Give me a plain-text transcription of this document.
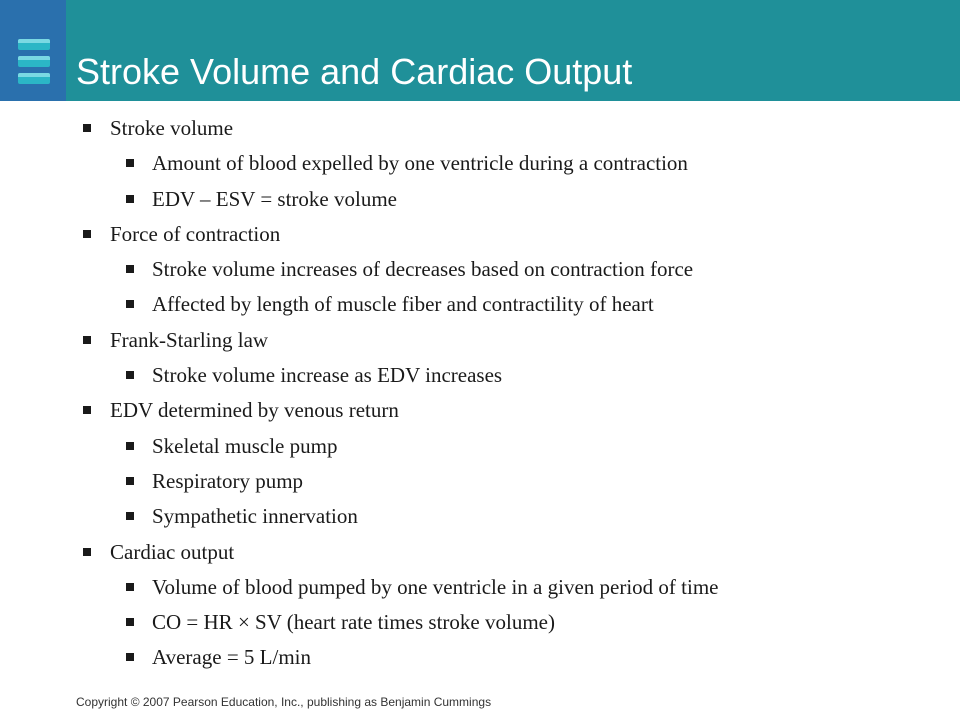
Stroke Volume and Cardiac Output
Stroke volume
Amount of blood expelled by one ventricle during a contraction
EDV – ESV = stroke volume
Force of contraction
Stroke volume increases of decreases based on contraction force
Affected by length of muscle fiber and contractility of heart
Frank-Starling law
Stroke volume increase as EDV increases
EDV determined by venous return
Skeletal muscle pump
Respiratory pump
Sympathetic innervation
Cardiac output
Volume of blood pumped by one ventricle in a given period of time
CO = HR × SV (heart rate times stroke volume)
Average = 5 L/min

Copyright © 2007 Pearson Education, Inc., publishing as Benjamin Cummings
